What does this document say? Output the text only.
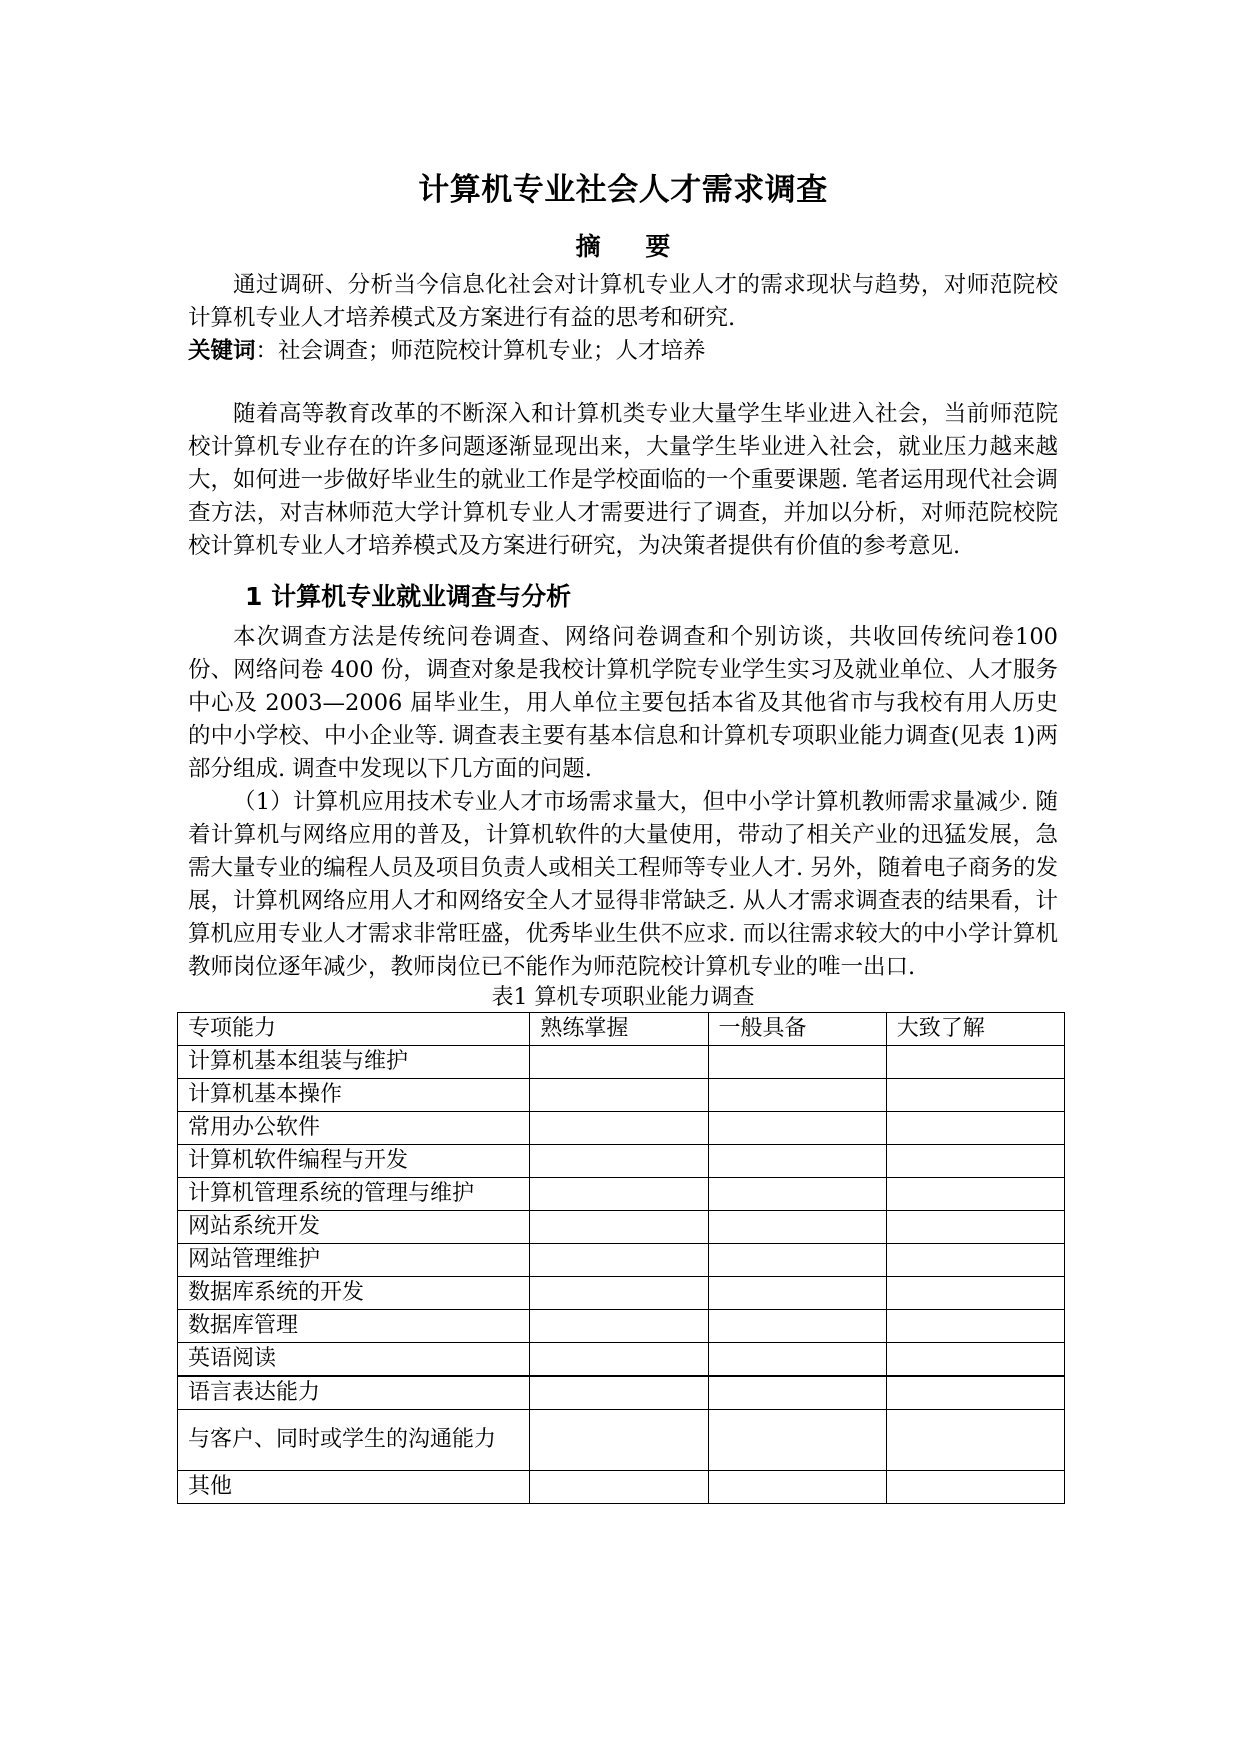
计算机专业社会人才需求调查
摘 要

通过调研、分析当今信息化社会对计算机专业人才的需求现状与趋势，对师范院校计算机专业人才培养模式及方案进行有益的思考和研究.

关键词：社会调查；师范院校计算机专业；人才培养

随着高等教育改革的不断深入和计算机类专业大量学生毕业进入社会，当前师范院校计算机专业存在的许多问题逐渐显现出来，大量学生毕业进入社会，就业压力越来越大，如何进一步做好毕业生的就业工作是学校面临的一个重要课题. 笔者运用现代社会调查方法，对吉林师范大学计算机专业人才需要进行了调查，并加以分析，对师范院校院校计算机专业人才培养模式及方案进行研究，为决策者提供有价值的参考意见.

1 计算机专业就业调查与分析

本次调查方法是传统问卷调查、网络问卷调查和个别访谈，共收回传统问卷100 份、网络问卷 400 份，调查对象是我校计算机学院专业学生实习及就业单位、人才服务中心及 2003—2006 届毕业生，用人单位主要包括本省及其他省市与我校有用人历史的中小学校、中小企业等. 调查表主要有基本信息和计算机专项职业能力调查(见表 1)两部分组成. 调查中发现以下几方面的问题.

（1）计算机应用技术专业人才市场需求量大，但中小学计算机教师需求量减少. 随着计算机与网络应用的普及，计算机软件的大量使用，带动了相关产业的迅猛发展，急需大量专业的编程人员及项目负责人或相关工程师等专业人才. 另外，随着电子商务的发展，计算机网络应用人才和网络安全人才显得非常缺乏. 从人才需求调查表的结果看，计算机应用专业人才需求非常旺盛，优秀毕业生供不应求. 而以往需求较大的中小学计算机教师岗位逐年减少，教师岗位已不能作为师范院校计算机专业的唯一出口.

表1 算机专项职业能力调查
专项能力	熟练掌握	一般具备	大致了解
计算机基本组装与维护			
计算机基本操作			
常用办公软件			
计算机软件编程与开发			
计算机管理系统的管理与维护			
网站系统开发			
网站管理维护			
数据库系统的开发			
数据库管理			
英语阅读			
语言表达能力			
与客户、同时或学生的沟通能力			
其他			
